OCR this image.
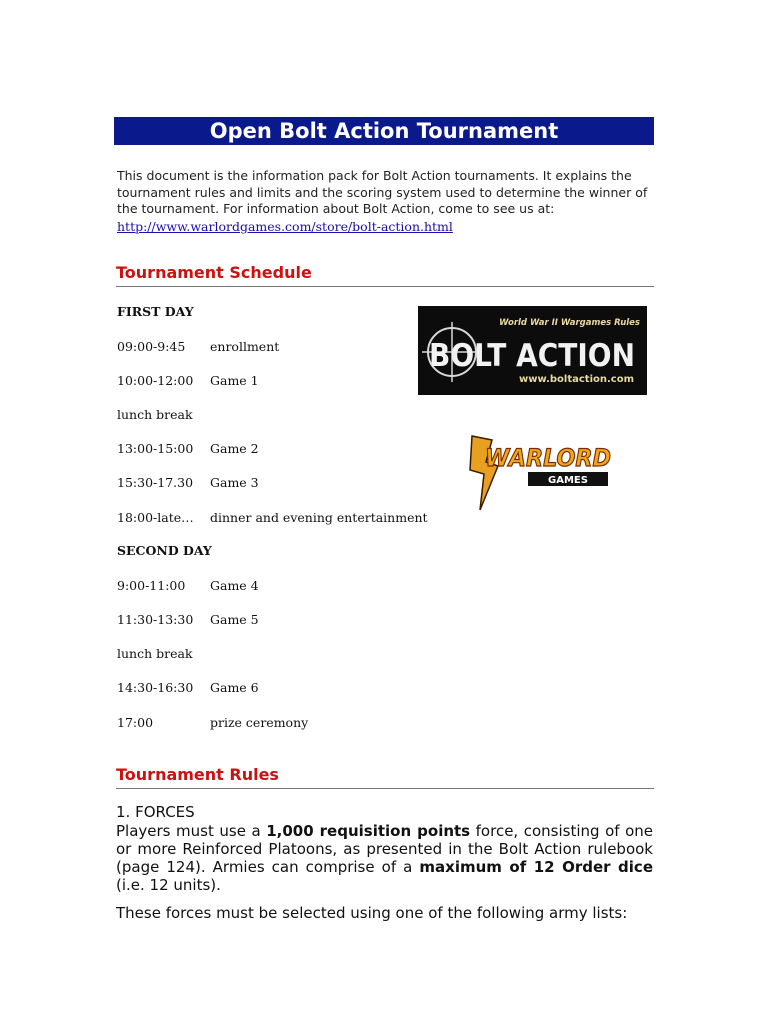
Open Bolt Action Tournament
This document is the information pack for Bolt Action tournaments. It explains the tournament rules and limits and the scoring system used to determine the winner of the tournament. For information about Bolt Action, come to see us at:
http://www.warlordgames.com/store/bolt-action.html
Tournament Schedule
FIRST DAY
09:00-9:45 enrollment
10:00-12:00 Game 1
lunch break
13:00-15:00 Game 2
15:30-17.30 Game 3
18:00-late… dinner and evening entertainment
SECOND DAY
9:00-11:00 Game 4
11:30-13:30 Game 5
lunch break
14:30-16:30 Game 6
17:00	prize ceremony
World War II Wargames Rules
BOLT ACTION
www.boltaction.com
WARLORD
GAMES
Tournament Rules
1. FORCES
Players must use a 1,000 requisition points force, consisting of one or more Reinforced Platoons, as presented in the Bolt Action rulebook (page 124). Armies can comprise of a maximum of 12 Order dice (i.e. 12 units).
These forces must be selected using one of the following army lists:
